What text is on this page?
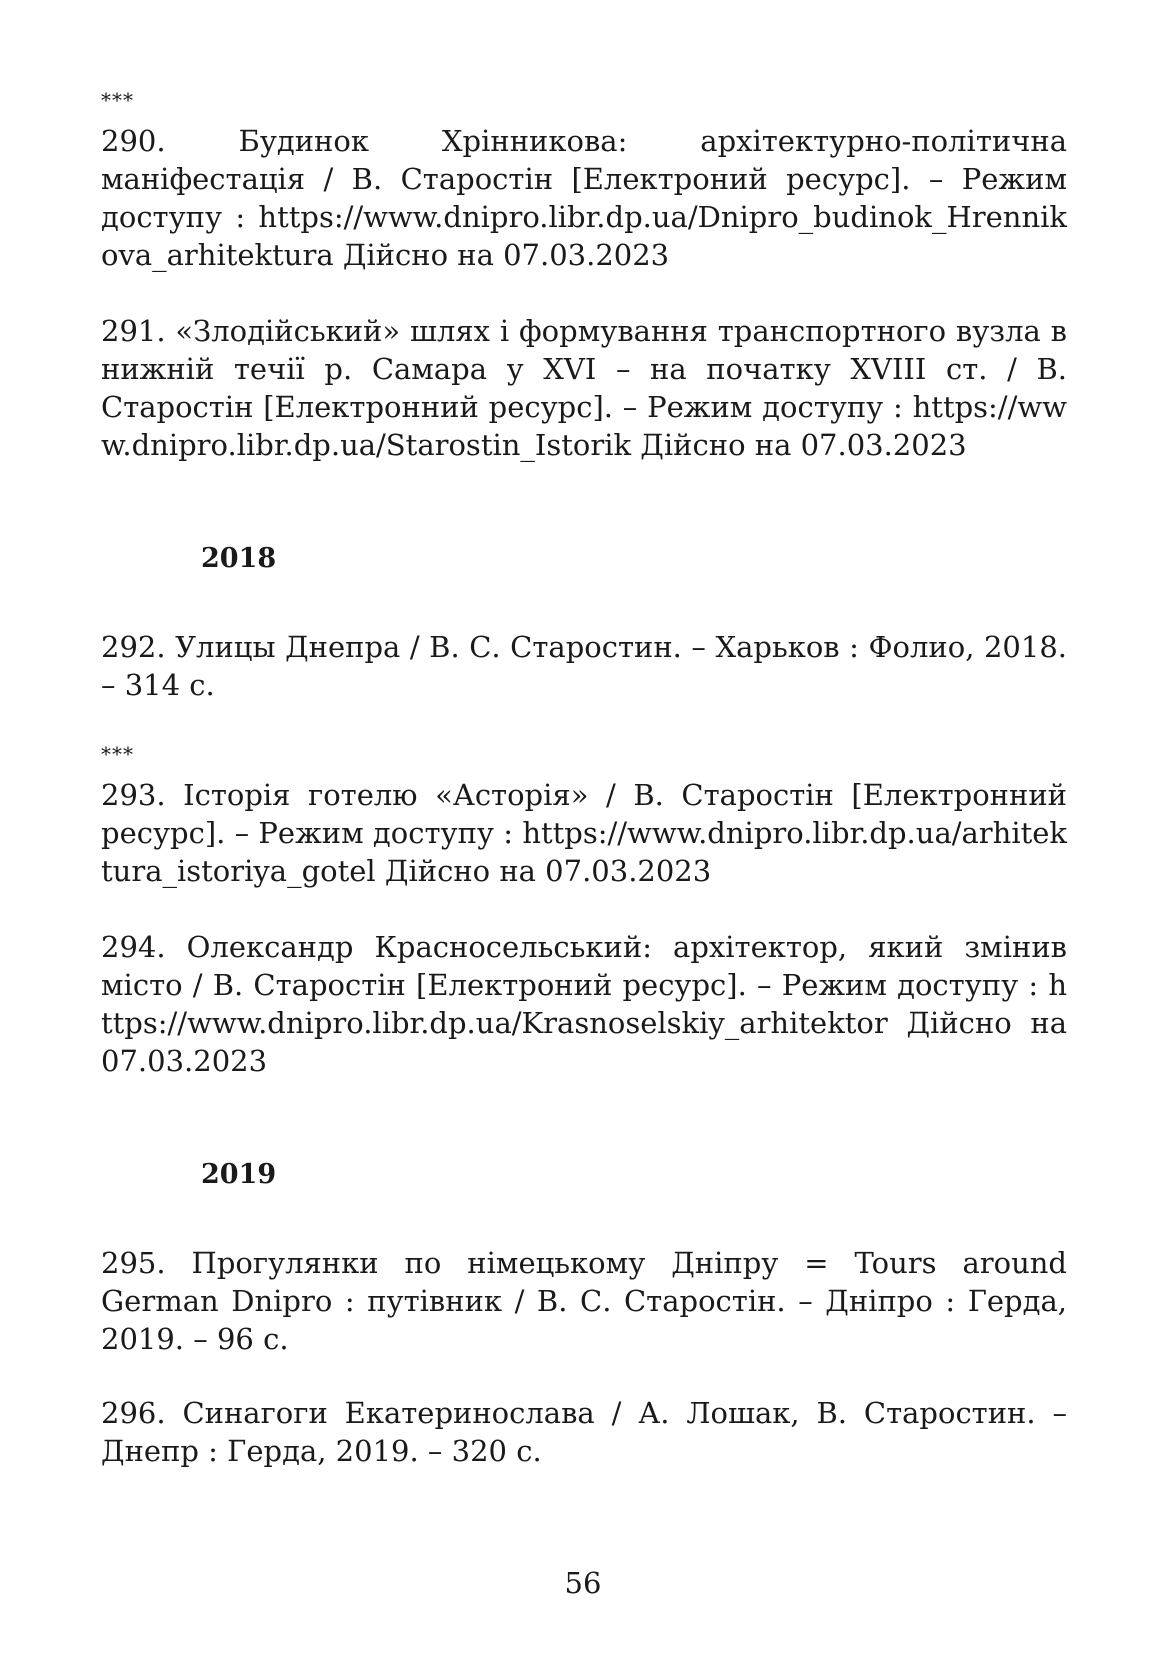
***

290. Будинок Хрінникова: архітектурно-політична маніфестація / В. Старостін [Електроний ресурс]. – Режим доступу : https://www.dnipro.libr.dp.ua/Dnipro_budinok_Hrennikova_arhitektura Дійсно на 07.03.2023

291. «Злодійський» шлях і формування транспортного вузла в нижній течії р. Самара у XVI – на початку XVIII ст. / В. Старостін [Електронний ресурс]. – Режим доступу : https://www.dnipro.libr.dp.ua/Starostin_Istorik Дійсно на 07.03.2023

2018

292. Улицы Днепра / В. С. Старостин. – Харьков : Фолио, 2018. – 314 с.

***

293. Історія готелю «Асторія» / В. Старостін [Електронний ресурс]. – Режим доступу : https://www.dnipro.libr.dp.ua/arhitektura_istoriya_gotel Дійсно на 07.03.2023

294. Олександр Красносельський: архітектор, який змінив місто / В. Старостін [Електроний ресурс]. – Режим доступу : https://www.dnipro.libr.dp.ua/Krasnoselskiy_arhitektor Дійсно на 07.03.2023

2019

295. Прогулянки по німецькому Дніпру = Tours around German Dnipro : путівник / В. С. Старостін. – Дніпро : Герда, 2019. – 96 с.

296. Синагоги Екатеринослава / А. Лошак, В. Старостин. – Днепр : Герда, 2019. – 320 с.

56
